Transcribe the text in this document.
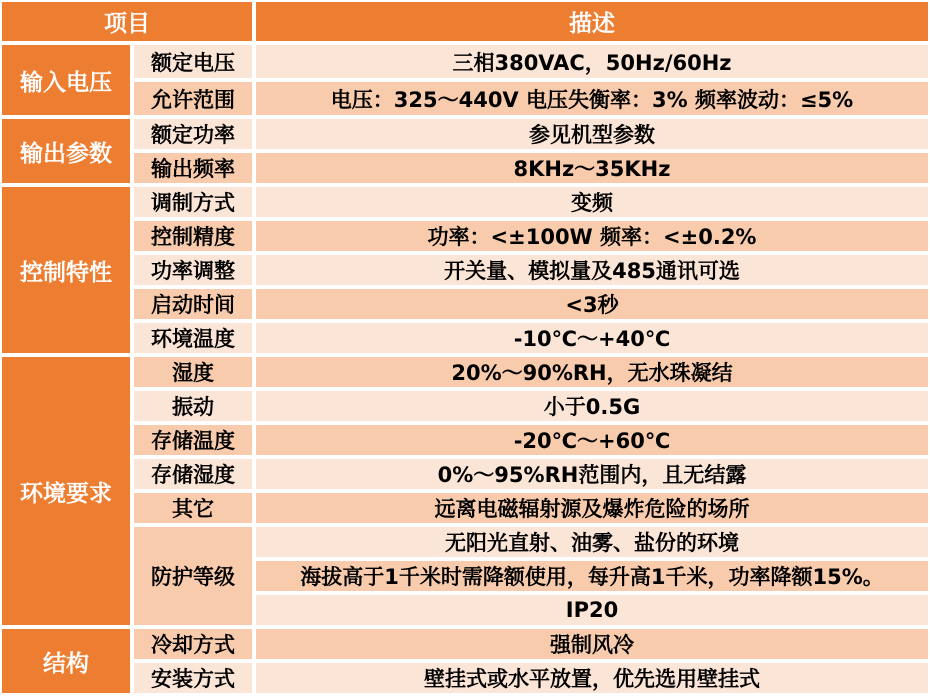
项目		描述
输入电压	额定电压	三相380VAC，50Hz/60Hz
	允许范围	电压：325～440V 电压失衡率：3% 频率波动：≤5%
输出参数	额定功率	参见机型参数
	输出频率	8KHz～35KHz
控制特性	调制方式	变频
	控制精度	功率：<±100W 频率：<±0.2%
	功率调整	开关量、模拟量及485通讯可选
	启动时间	<3秒
	环境温度	-10℃～+40℃
环境要求	湿度	20%～90%RH，无水珠凝结
	振动	小于0.5G
	存储温度	-20℃～+60℃
	存储湿度	0%～95%RH范围内，且无结露
	其它	远离电磁辐射源及爆炸危险的场所
	防护等级	无阳光直射、油雾、盐份的环境
		海拔高于1千米时需降额使用，每升高1千米，功率降额15%。
		IP20
结构	冷却方式	强制风冷
	安装方式	壁挂式或水平放置，优先选用壁挂式
